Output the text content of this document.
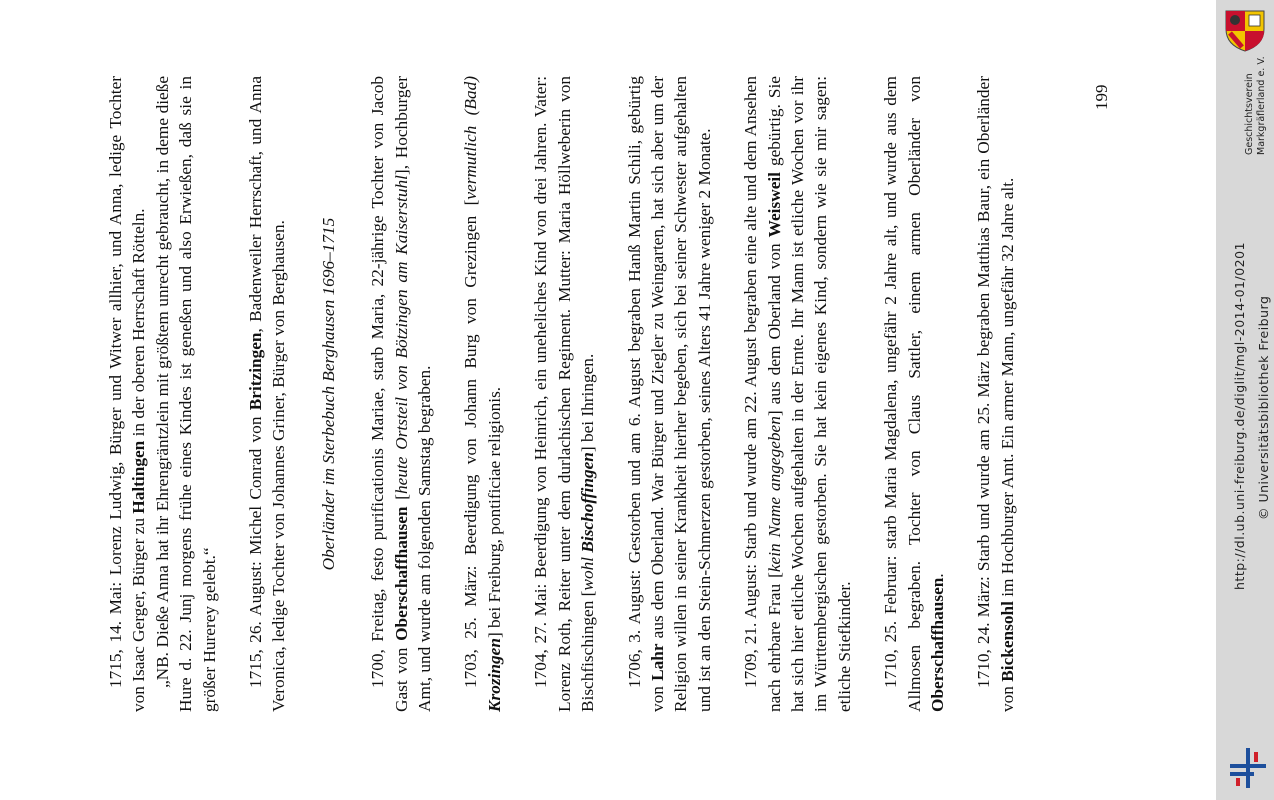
1715, 14. Mai: Lorenz Ludwig, Bürger und Witwer allhier, und Anna, ledige Tochter von Isaac Gerger, Bürger zu Haltingen in der oberen Herrschaft Rötteln. „NB. Dieße Anna hat ihr Ehrengräntzlein mit größtem unrecht gebraucht, in deme dieße Hure d. 22. Junj morgens frühe eines Kindes ist geneßen und also Erwießen, daß sie in größer Hurerey gelebt.“ 1715, 26. August: Michel Conrad von Britzingen, Badenweiler Herrschaft, und Anna Veronica, ledige Tochter von Johannes Griner, Bürger von Berghausen. Oberländer im Sterbebuch Berghausen 1696–1715 1700, Freitag, festo purificationis Mariae, starb Maria, 22-jährige Tochter von Jacob Gast von Oberschaffhausen [heute Ortsteil von Bötzingen am Kaiserstuhl], Hochburger Amt, und wurde am folgenden Samstag begraben. 1703, 25. März: Beerdigung von Johann Burg von Grezingen [vermutlich (Bad) Krozingen] bei Freiburg, pontificiae religionis. 1704, 27. Mai: Beerdigung von Heinrich, ein uneheliches Kind von drei Jahren. Vater: Lorenz Roth, Reiter unter dem durlachischen Regiment. Mutter: Maria Höllweberin von Bischfischingen [wohl Bischoffingen] bei Ihringen. 1706, 3. August: Gestorben und am 6. August begraben Hanß Martin Schili, gebürtig von Lahr aus dem Oberland. War Bürger und Ziegler zu Weingarten, hat sich aber um der Religion willen in seiner Krankheit hierher begeben, sich bei seiner Schwester aufgehalten und ist an den Stein-Schmerzen gestorben, seines Alters 41 Jahre weniger 2 Monate. 1709, 21. August: Starb und wurde am 22. August begraben eine alte und dem Ansehen nach ehrbare Frau [kein Name angegeben] aus dem Oberland von Weisweil gebürtig. Sie hat sich hier etliche Wochen aufgehalten in der Ernte. Ihr Mann ist etliche Wochen vor ihr im Württembergischen gestorben. Sie hat kein eigenes Kind, sondern wie sie mir sagen: etliche Stiefkinder. 1710, 25. Februar: starb Maria Magdalena, ungefähr 2 Jahre alt, und wurde aus dem Allmosen begraben. Tochter von Claus Sattler, einem armen Oberländer von Oberschaffhausen. 1710, 24. März: Starb und wurde am 25. März begraben Matthias Baur, ein Oberländer von Bickensohl im Hochburger Amt. Ein armer Mann, ungefähr 32 Jahre alt.

199
http://dl.ub.uni-freiburg.de/diglit/mgl-2014-01/0201 © Universitätsbibliothek Freiburg
Geschichtsverein Markgräflerland e. V.
